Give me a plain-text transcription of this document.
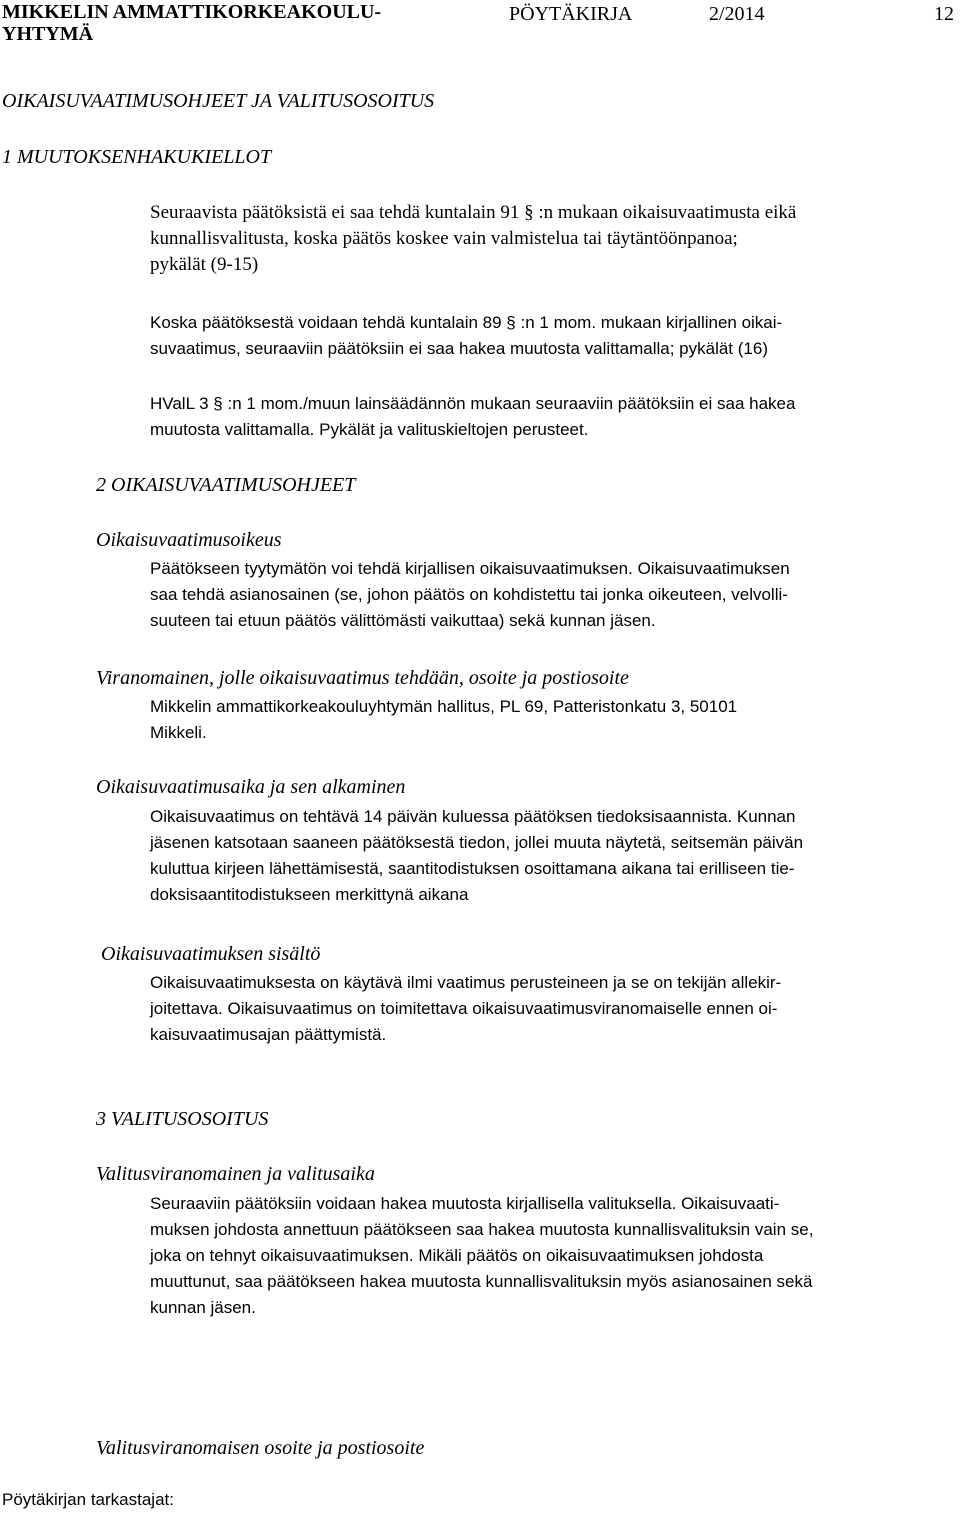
MIKKELIN AMMATTIKORKEAKOULU-
YHTYMÄ
PÖYTÄKIRJA	2/2014	12
OIKAISUVAATIMUSOHJEET JA VALITUSOSOITUS
1 MUUTOKSENHAKUKIELLOT
Seuraavista päätöksistä ei saa tehdä kuntalain 91 § :n mukaan oikaisuvaatimusta eikä
kunnallisvalitusta, koska päätös koskee vain valmistelua tai täytäntöönpanoa;
pykälät (9-15)
Koska päätöksestä voidaan tehdä kuntalain 89 § :n 1 mom. mukaan kirjallinen oikai-
suvaatimus, seuraaviin päätöksiin ei saa hakea muutosta valittamalla; pykälät (16)
HValL 3 § :n 1 mom./muun lainsäädännön mukaan seuraaviin päätöksiin ei saa hakea
muutosta valittamalla. Pykälät ja valituskieltojen perusteet.
2 OIKAISUVAATIMUSOHJEET
Oikaisuvaatimusoikeus
Päätökseen tyytymätön voi tehdä kirjallisen oikaisuvaatimuksen. Oikaisuvaatimuksen
saa tehdä asianosainen (se, johon päätös on kohdistettu tai jonka oikeuteen, velvolli-
suuteen tai etuun päätös välittömästi vaikuttaa) sekä kunnan jäsen.
Viranomainen, jolle oikaisuvaatimus tehdään, osoite ja postiosoite
Mikkelin ammattikorkeakouluyhtymän hallitus, PL 69, Patteristonkatu 3, 50101
Mikkeli.
Oikaisuvaatimusaika ja sen alkaminen
Oikaisuvaatimus on tehtävä 14 päivän kuluessa päätöksen tiedoksisaannista. Kunnan
jäsenen katsotaan saaneen päätöksestä tiedon, jollei muuta näytetä, seitsemän päivän
kuluttua kirjeen lähettämisestä, saantitodistuksen osoittamana aikana tai erilliseen tie-
doksisaantitodistukseen merkittynä aikana
Oikaisuvaatimuksen sisältö
Oikaisuvaatimuksesta on käytävä ilmi vaatimus perusteineen ja se on tekijän allekir-
joitettava. Oikaisuvaatimus on toimitettava oikaisuvaatimusviranomaiselle ennen oi-
kaisuvaatimusajan päättymistä.
3 VALITUSOSOITUS
Valitusviranomainen ja valitusaika
Seuraaviin päätöksiin voidaan hakea muutosta kirjallisella valituksella. Oikaisuvaati-
muksen johdosta annettuun päätökseen saa hakea muutosta kunnallisvalituksin vain se,
joka on tehnyt oikaisuvaatimuksen. Mikäli päätös on oikaisuvaatimuksen johdosta
muuttunut, saa päätökseen hakea muutosta kunnallisvalituksin myös asianosainen sekä
kunnan jäsen.
Valitusviranomaisen osoite ja postiosoite
Pöytäkirjan tarkastajat:
